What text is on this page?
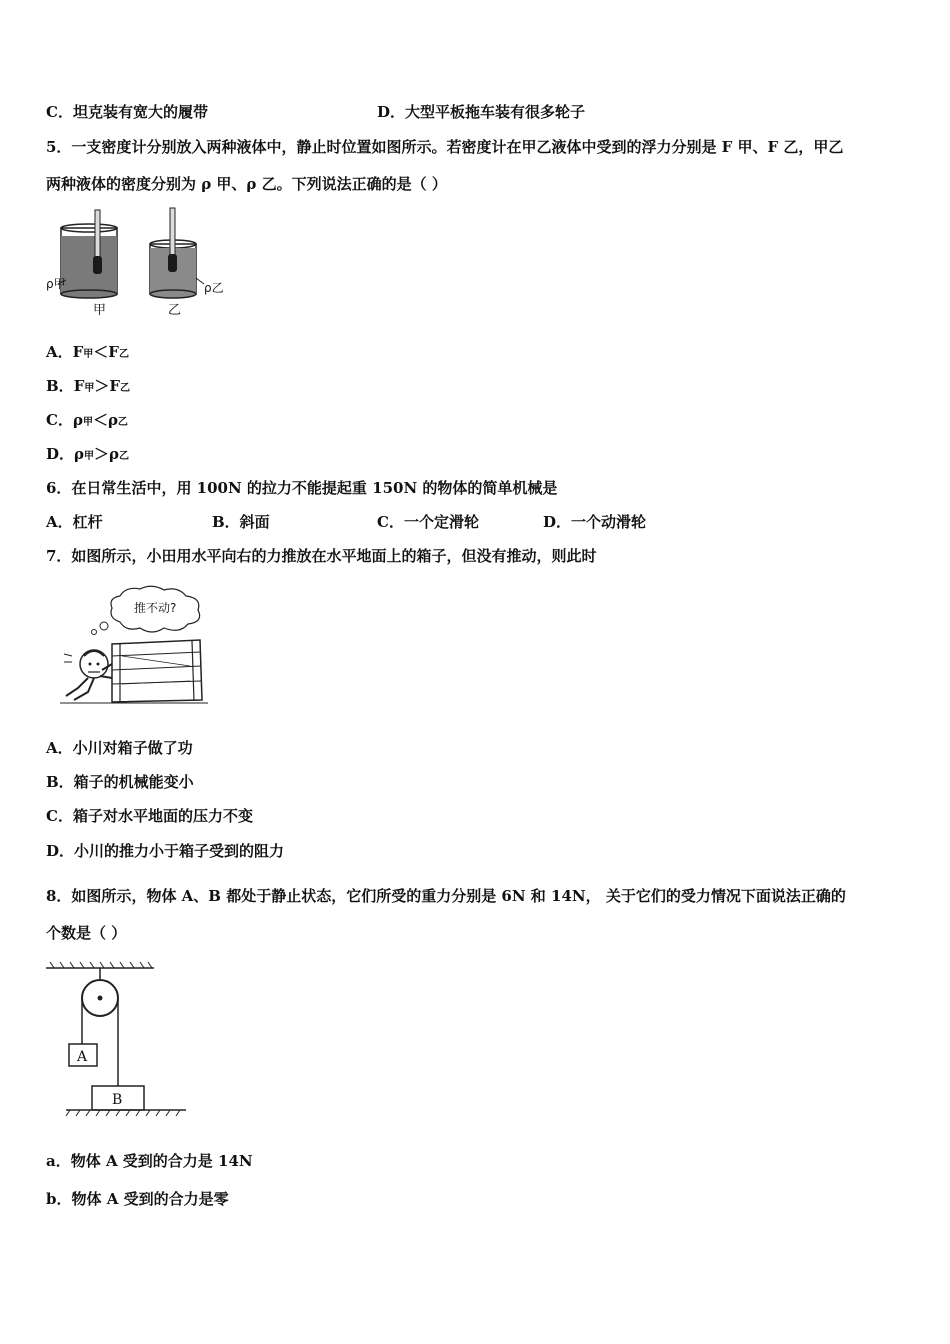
C．坦克装有宽大的履带	D．大型平板拖车装有很多轮子
5．一支密度计分别放入两种液体中，静止时位置如图所示。若密度计在甲乙液体中受到的浮力分别是 F 甲、F 乙，甲乙
两种液体的密度分别为 ρ 甲、ρ 乙。下列说法正确的是（ ）
ρ甲
甲
ρ乙
乙
A．F甲＜F乙
B．F甲＞F乙
C．ρ甲＜ρ乙
D．ρ甲＞ρ乙
6．在日常生活中，用 100N 的拉力不能提起重 150N 的物体的简单机械是
A．杠杆	B．斜面	C．一个定滑轮	D．一个动滑轮
7．如图所示，小田用水平向右的力推放在水平地面上的箱子，但没有推动，则此时
推不动?
A．小川对箱子做了功
B．箱子的机械能变小
C．箱子对水平地面的压力不变
D．小川的推力小于箱子受到的阻力
8．如图所示，物体 A、B 都处于静止状态，它们所受的重力分别是 6N 和 14N， 关于它们的受力情况下面说法正确的
个数是（ ）
A
B
a．物体 A 受到的合力是 14N
b．物体 A 受到的合力是零
